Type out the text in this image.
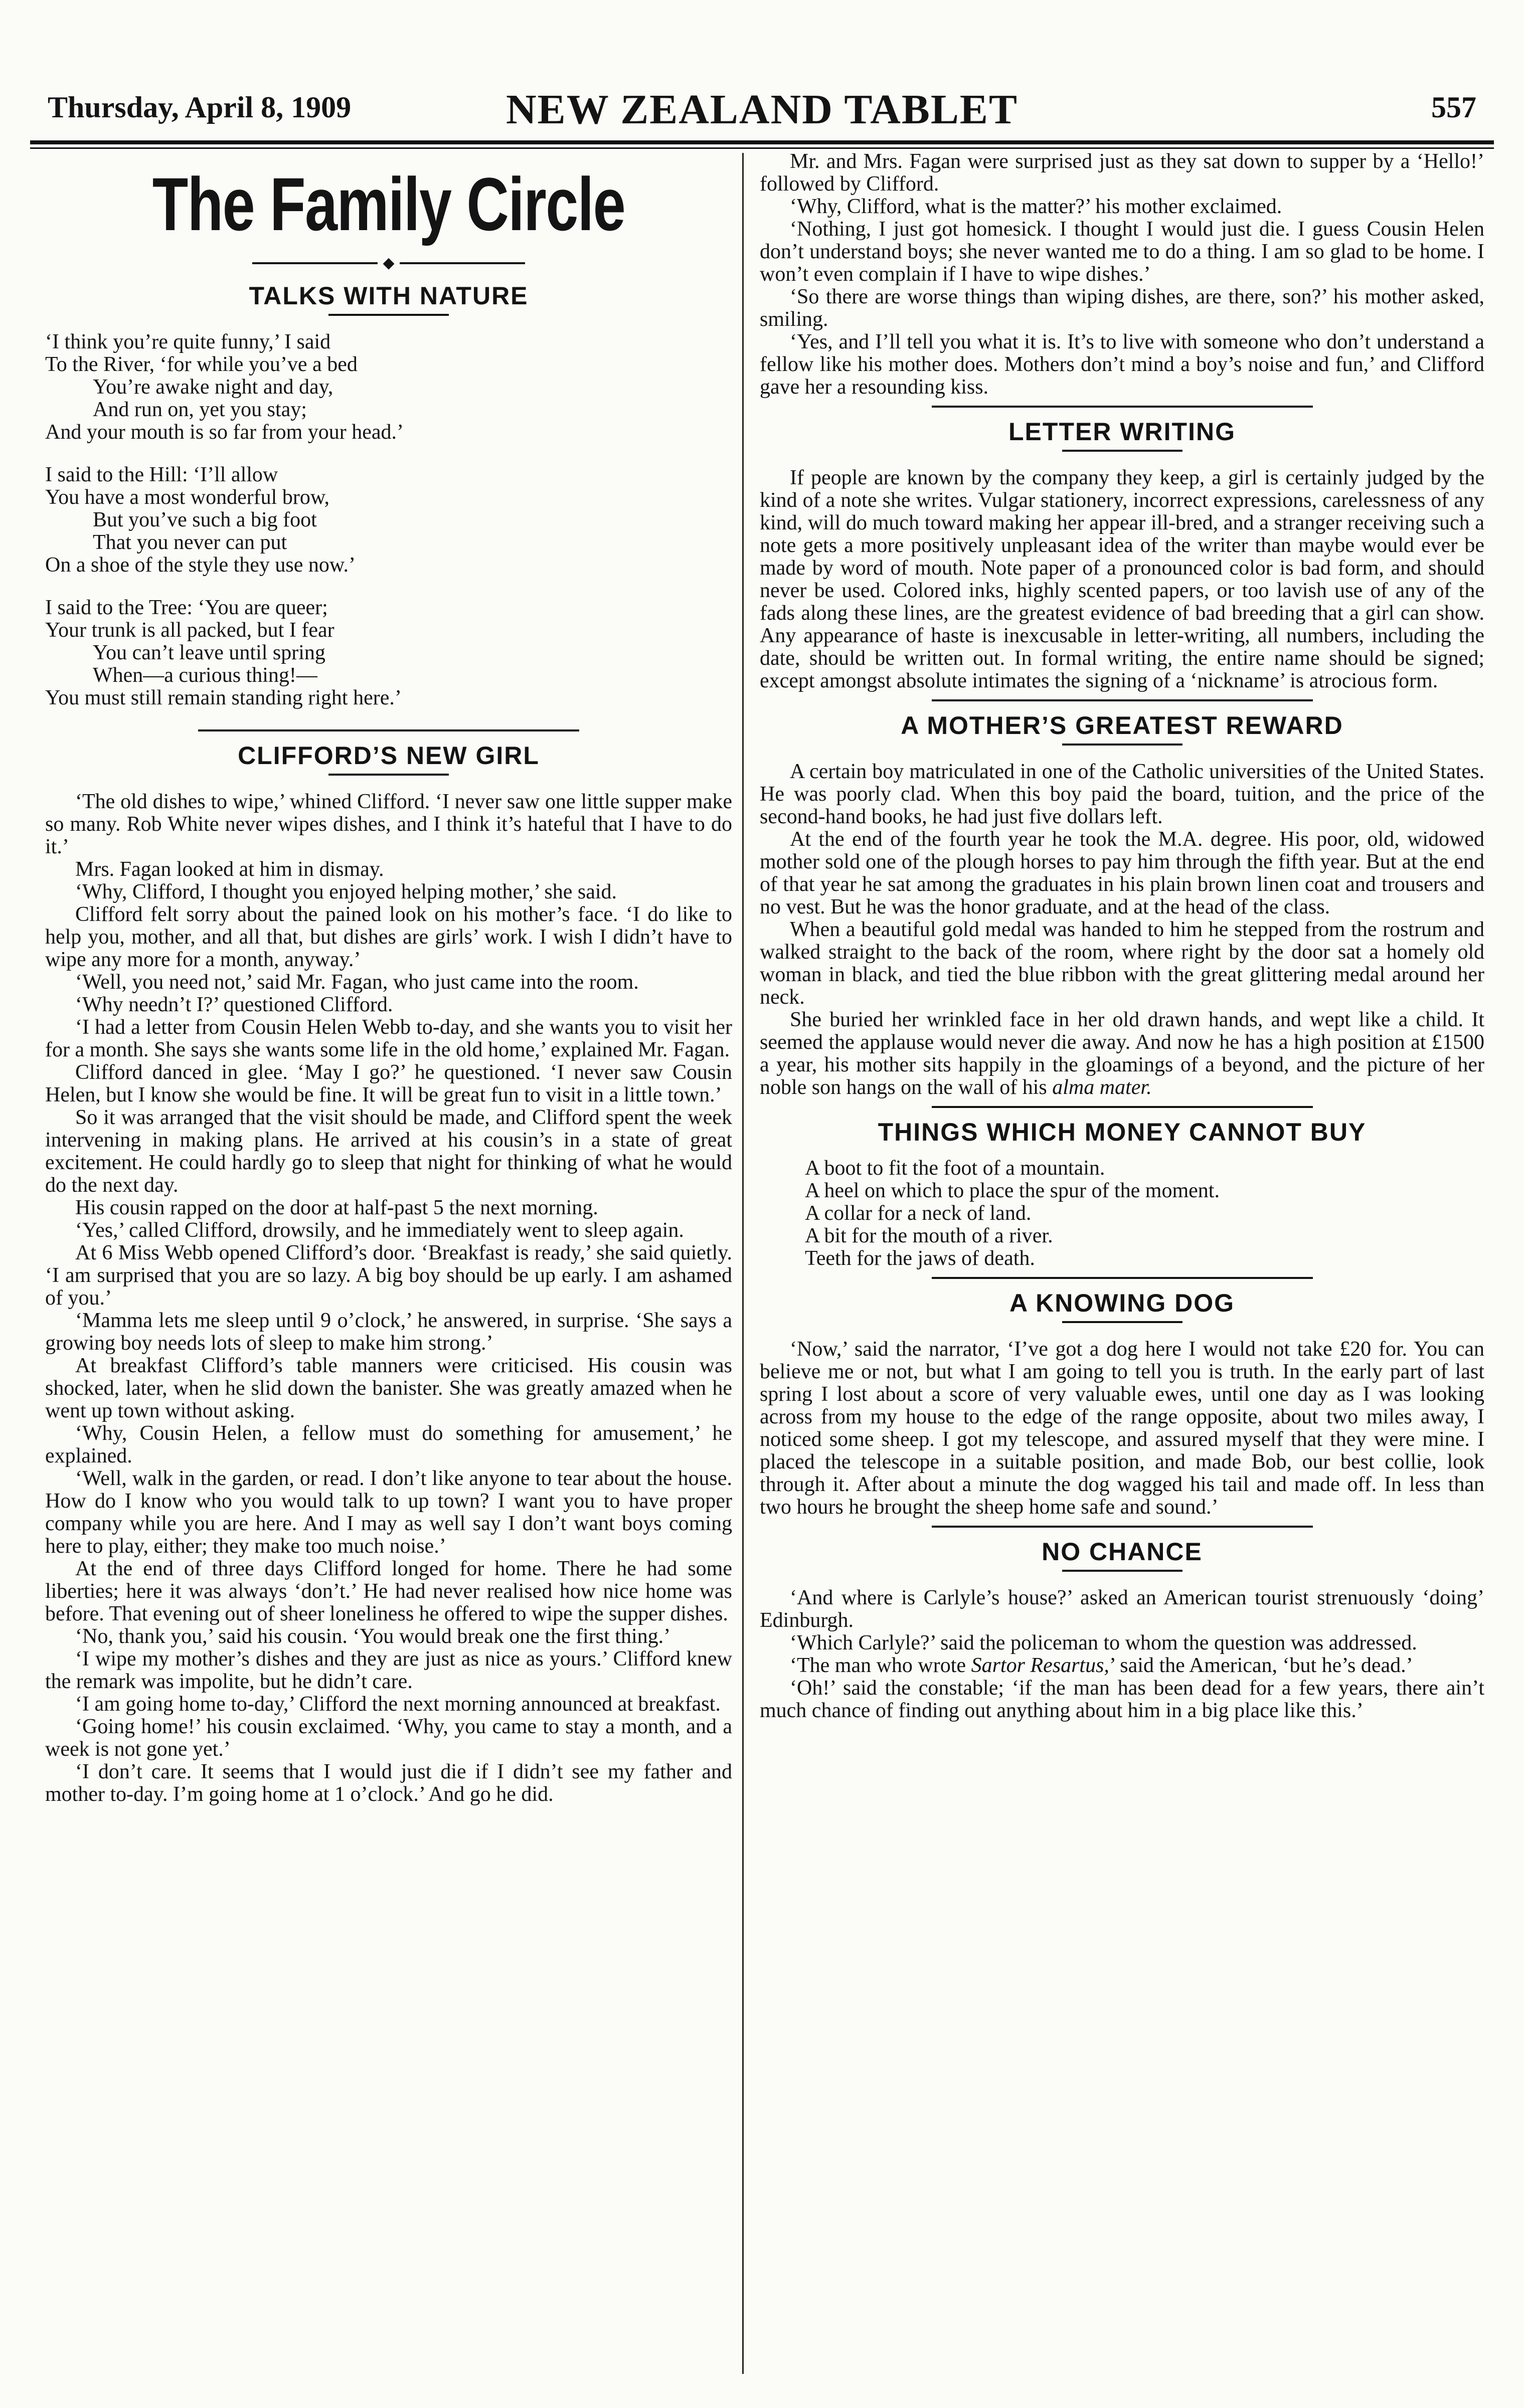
Thursday, April 8, 1909	NEW ZEALAND TABLET	557
The Family Circle
◆
TALKS WITH NATURE
‘I think you’re quite funny,’ I said
To the River, ‘for while you’ve a bed
You’re awake night and day,
And run on, yet you stay;
And your mouth is so far from your head.’
I said to the Hill: ‘I’ll allow
You have a most wonderful brow,
But you’ve such a big foot
That you never can put
On a shoe of the style they use now.’
I said to the Tree: ‘You are queer;
Your trunk is all packed, but I fear
You can’t leave until spring
When—a curious thing!—
You must still remain standing right here.’
CLIFFORD’S NEW GIRL

‘The old dishes to wipe,’ whined Clifford. ‘I never saw one little supper make so many. Rob White never wipes dishes, and I think it’s hateful that I have to do it.’

Mrs. Fagan looked at him in dismay.

‘Why, Clifford, I thought you enjoyed helping mother,’ she said.

Clifford felt sorry about the pained look on his mother’s face. ‘I do like to help you, mother, and all that, but dishes are girls’ work. I wish I didn’t have to wipe any more for a month, anyway.’

‘Well, you need not,’ said Mr. Fagan, who just came into the room.

‘Why needn’t I?’ questioned Clifford.

‘I had a letter from Cousin Helen Webb to-day, and she wants you to visit her for a month. She says she wants some life in the old home,’ explained Mr. Fagan.

Clifford danced in glee. ‘May I go?’ he questioned. ‘I never saw Cousin Helen, but I know she would be fine. It will be great fun to visit in a little town.’

So it was arranged that the visit should be made, and Clifford spent the week intervening in making plans. He arrived at his cousin’s in a state of great excitement. He could hardly go to sleep that night for thinking of what he would do the next day.

His cousin rapped on the door at half-past 5 the next morning.

‘Yes,’ called Clifford, drowsily, and he immediately went to sleep again.

At 6 Miss Webb opened Clifford’s door. ‘Breakfast is ready,’ she said quietly. ‘I am surprised that you are so lazy. A big boy should be up early. I am ashamed of you.’

‘Mamma lets me sleep until 9 o’clock,’ he answered, in surprise. ‘She says a growing boy needs lots of sleep to make him strong.’

At breakfast Clifford’s table manners were criticised. His cousin was shocked, later, when he slid down the banister. She was greatly amazed when he went up town without asking.

‘Why, Cousin Helen, a fellow must do something for amusement,’ he explained.

‘Well, walk in the garden, or read. I don’t like anyone to tear about the house. How do I know who you would talk to up town? I want you to have proper company while you are here. And I may as well say I don’t want boys coming here to play, either; they make too much noise.’

At the end of three days Clifford longed for home. There he had some liberties; here it was always ‘don’t.’ He had never realised how nice home was before. That evening out of sheer loneliness he offered to wipe the supper dishes.

‘No, thank you,’ said his cousin. ‘You would break one the first thing.’

‘I wipe my mother’s dishes and they are just as nice as yours.’ Clifford knew the remark was impolite, but he didn’t care.

‘I am going home to-day,’ Clifford the next morning announced at breakfast.

‘Going home!’ his cousin exclaimed. ‘Why, you came to stay a month, and a week is not gone yet.’

‘I don’t care. It seems that I would just die if I didn’t see my father and mother to-day. I’m going home at 1 o’clock.’ And go he did.

Mr. and Mrs. Fagan were surprised just as they sat down to supper by a ‘Hello!’ followed by Clifford.

‘Why, Clifford, what is the matter?’ his mother exclaimed.

‘Nothing, I just got homesick. I thought I would just die. I guess Cousin Helen don’t understand boys; she never wanted me to do a thing. I am so glad to be home. I won’t even complain if I have to wipe dishes.’

‘So there are worse things than wiping dishes, are there, son?’ his mother asked, smiling.

‘Yes, and I’ll tell you what it is. It’s to live with someone who don’t understand a fellow like his mother does. Mothers don’t mind a boy’s noise and fun,’ and Clifford gave her a resounding kiss.

LETTER WRITING

If people are known by the company they keep, a girl is certainly judged by the kind of a note she writes. Vulgar stationery, incorrect expressions, carelessness of any kind, will do much toward making her appear ill-bred, and a stranger receiving such a note gets a more positively unpleasant idea of the writer than maybe would ever be made by word of mouth. Note paper of a pronounced color is bad form, and should never be used. Colored inks, highly scented papers, or too lavish use of any of the fads along these lines, are the greatest evidence of bad breeding that a girl can show. Any appearance of haste is inexcusable in letter-writing, all numbers, including the date, should be written out. In formal writing, the entire name should be signed; except amongst absolute intimates the signing of a ‘nickname’ is atrocious form.

A MOTHER’S GREATEST REWARD

A certain boy matriculated in one of the Catholic universities of the United States. He was poorly clad. When this boy paid the board, tuition, and the price of the second-hand books, he had just five dollars left.

At the end of the fourth year he took the M.A. degree. His poor, old, widowed mother sold one of the plough horses to pay him through the fifth year. But at the end of that year he sat among the graduates in his plain brown linen coat and trousers and no vest. But he was the honor graduate, and at the head of the class.

When a beautiful gold medal was handed to him he stepped from the rostrum and walked straight to the back of the room, where right by the door sat a homely old woman in black, and tied the blue ribbon with the great glittering medal around her neck.

She buried her wrinkled face in her old drawn hands, and wept like a child. It seemed the applause would never die away. And now he has a high position at £1500 a year, his mother sits happily in the gloamings of a beyond, and the picture of her noble son hangs on the wall of his alma mater.

THINGS WHICH MONEY CANNOT BUY
A boot to fit the foot of a mountain.
A heel on which to place the spur of the moment.
A collar for a neck of land.
A bit for the mouth of a river.
Teeth for the jaws of death.
A KNOWING DOG

‘Now,’ said the narrator, ‘I’ve got a dog here I would not take £20 for. You can believe me or not, but what I am going to tell you is truth. In the early part of last spring I lost about a score of very valuable ewes, until one day as I was looking across from my house to the edge of the range opposite, about two miles away, I noticed some sheep. I got my telescope, and assured myself that they were mine. I placed the telescope in a suitable position, and made Bob, our best collie, look through it. After about a minute the dog wagged his tail and made off. In less than two hours he brought the sheep home safe and sound.’

NO CHANCE

‘And where is Carlyle’s house?’ asked an American tourist strenuously ‘doing’ Edinburgh.

‘Which Carlyle?’ said the policeman to whom the question was addressed.

‘The man who wrote Sartor Resartus,’ said the American, ‘but he’s dead.’

‘Oh!’ said the constable; ‘if the man has been dead for a few years, there ain’t much chance of finding out anything about him in a big place like this.’
